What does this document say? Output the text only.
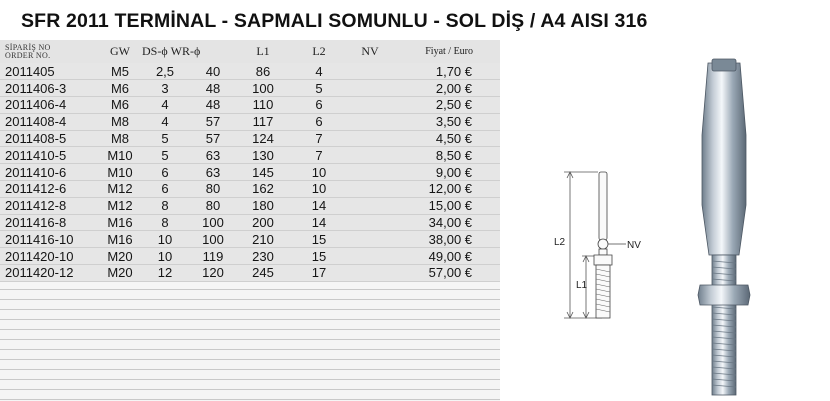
SFR 2011 TERMİNAL - SAPMALI SOMUNLU - SOL DİŞ / A4 AISI 316
SİPARİŞ NO
ORDER NO.	GW	DS-ϕ WR-ϕ		L1	L2	NV	Fiyat / Euro
2011405	M5	2,5	40	86	4		1,70 €
2011406-3	M6	3	48	100	5		2,00 €
2011406-4	M6	4	48	110	6		2,50 €
2011408-4	M8	4	57	117	6		3,50 €
2011408-5	M8	5	57	124	7		4,50 €
2011410-5	M10	5	63	130	7		8,50 €
2011410-6	M10	6	63	145	10		9,00 €
2011412-6	M12	6	80	162	10		12,00 €
2011412-8	M12	8	80	180	14		15,00 €
2011416-8	M16	8	100	200	14		34,00 €
2011416-10	M16	10	100	210	15		38,00 €
2011420-10	M20	10	119	230	15		49,00 €
2011420-12	M20	12	120	245	17		57,00 €
L2
L1
NV
